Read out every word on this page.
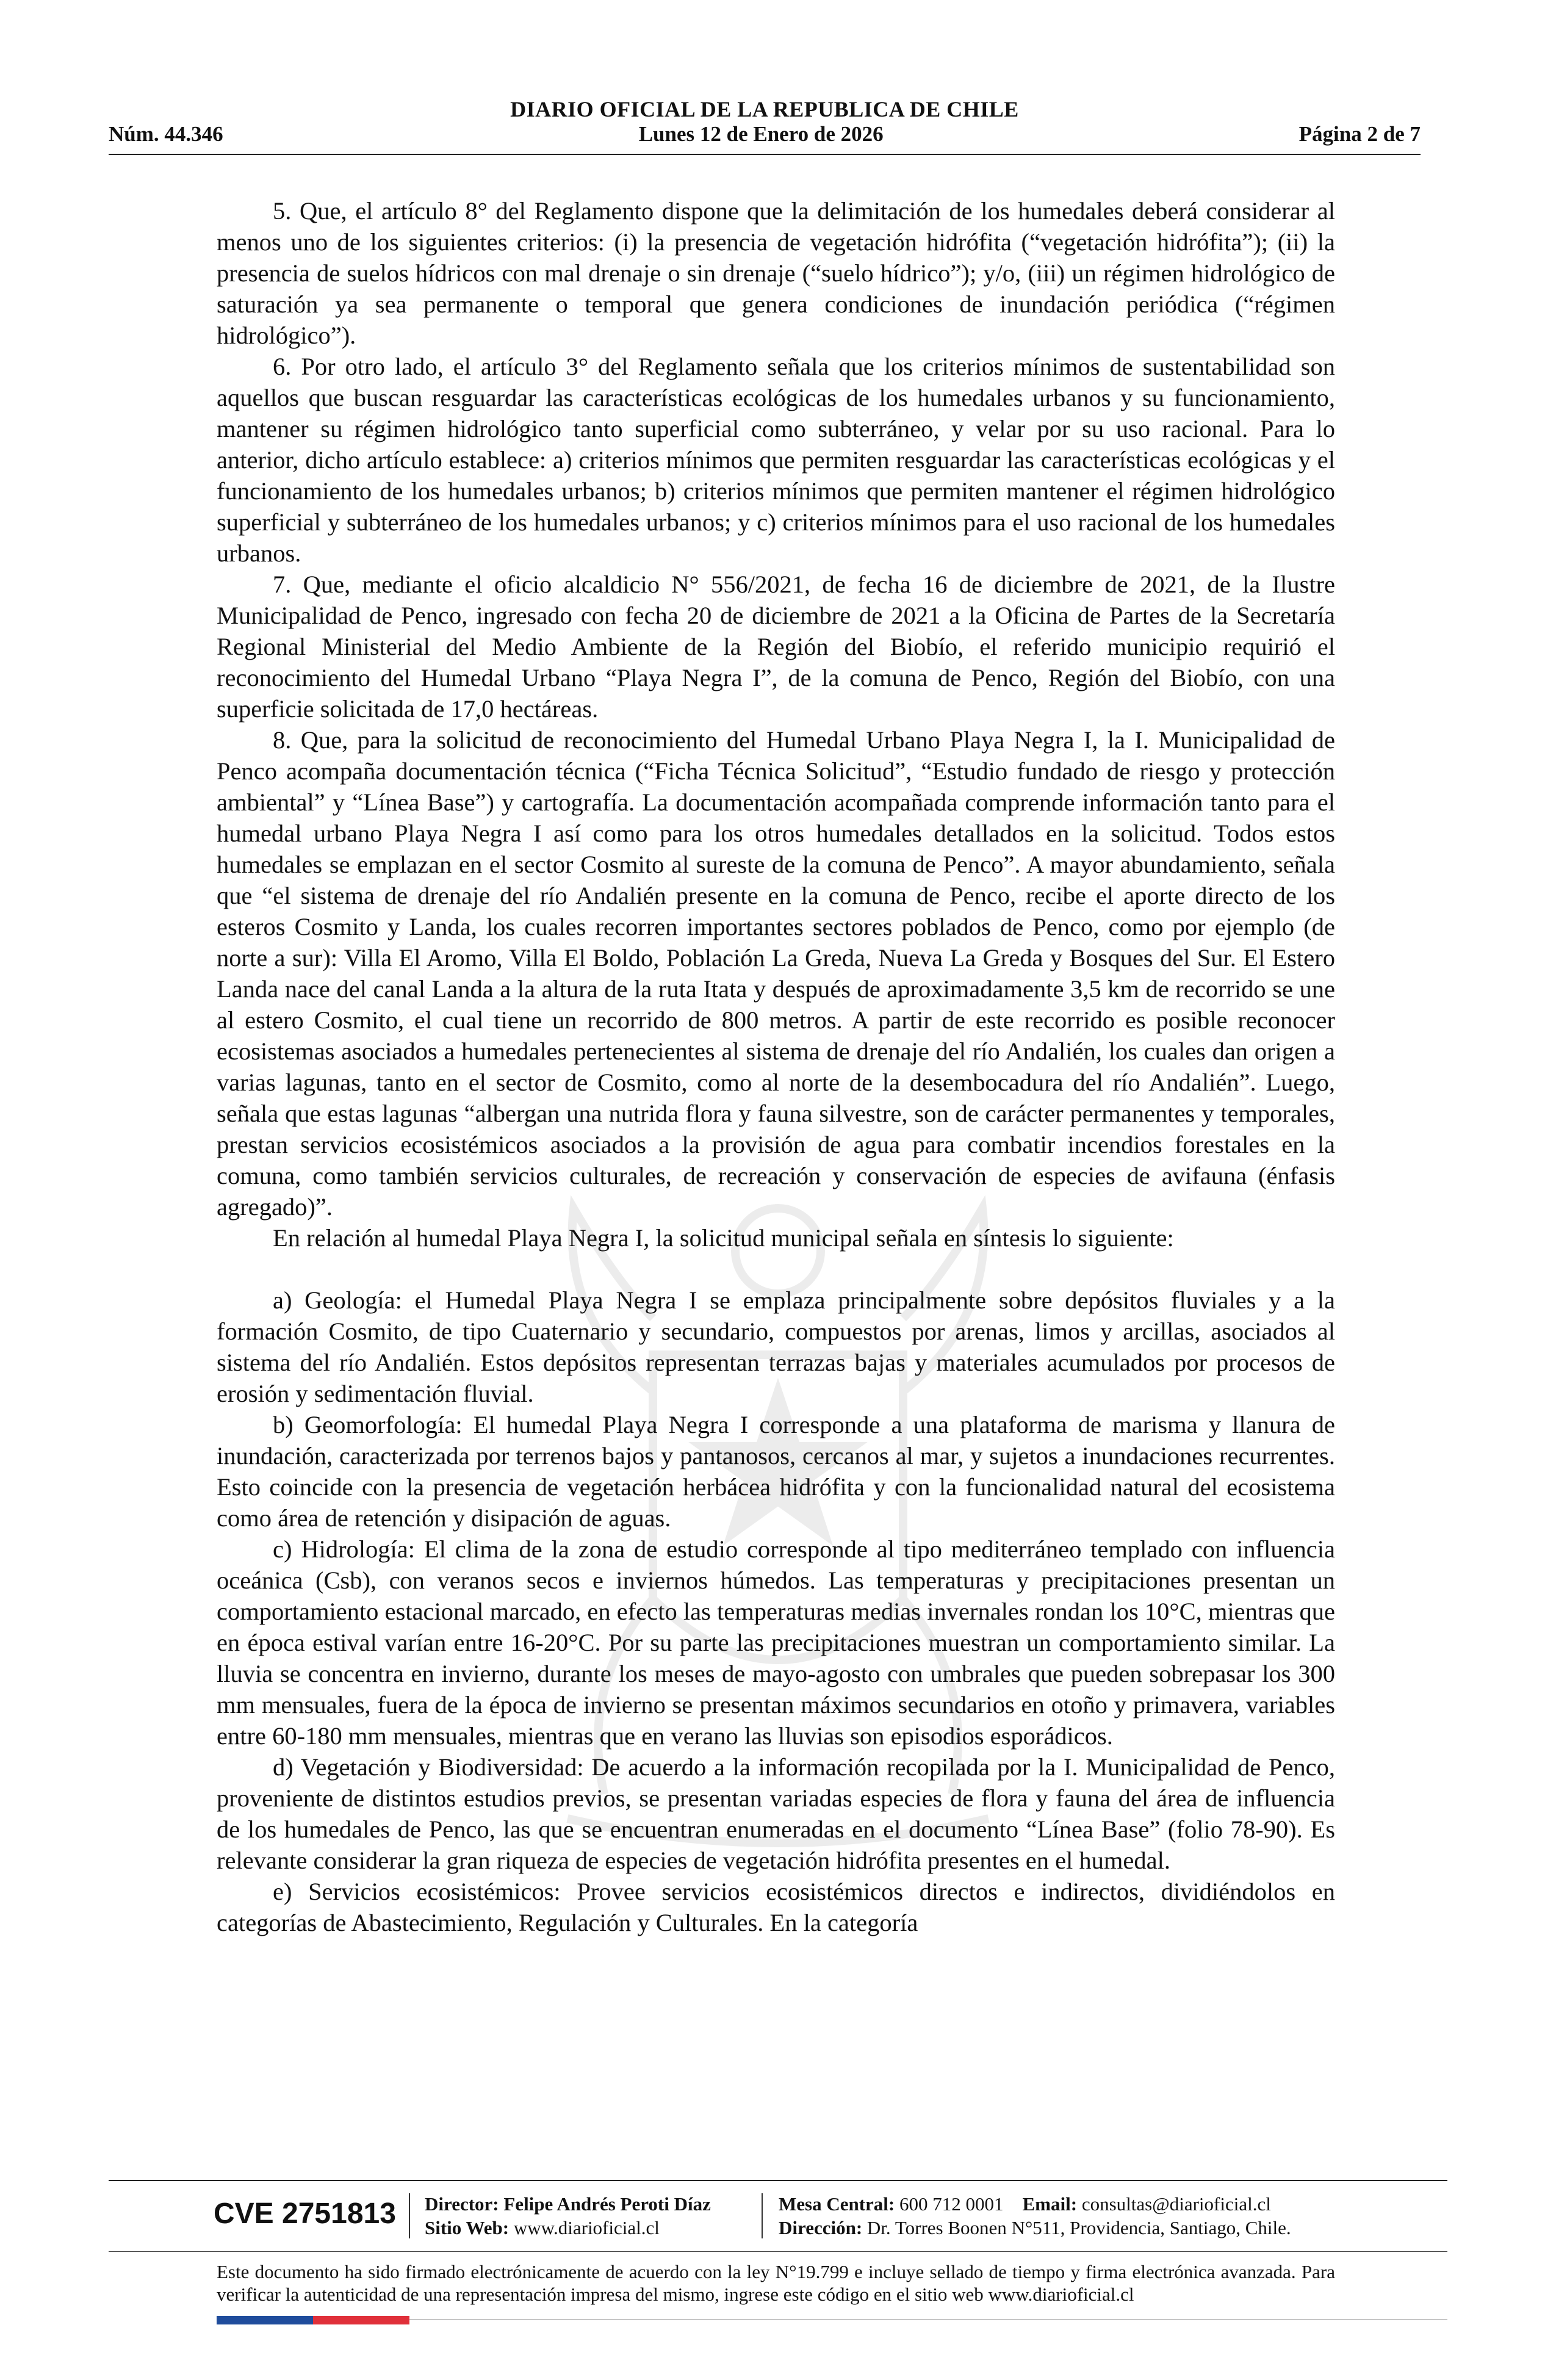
DIARIO OFICIAL DE LA REPUBLICA DE CHILE
Núm. 44.346	Lunes 12 de Enero de 2026	Página 2 de 7

5. Que, el artículo 8° del Reglamento dispone que la delimitación de los humedales deberá considerar al menos uno de los siguientes criterios: (i) la presencia de vegetación hidrófita (“vegetación hidrófita”); (ii) la presencia de suelos hídricos con mal drenaje o sin drenaje (“suelo hídrico”); y/o, (iii) un régimen hidrológico de saturación ya sea permanente o temporal que genera condiciones de inundación periódica (“régimen hidrológico”).

6. Por otro lado, el artículo 3° del Reglamento señala que los criterios mínimos de sustentabilidad son aquellos que buscan resguardar las características ecológicas de los humedales urbanos y su funcionamiento, mantener su régimen hidrológico tanto superficial como subterráneo, y velar por su uso racional. Para lo anterior, dicho artículo establece: a) criterios mínimos que permiten resguardar las características ecológicas y el funcionamiento de los humedales urbanos; b) criterios mínimos que permiten mantener el régimen hidrológico superficial y subterráneo de los humedales urbanos; y c) criterios mínimos para el uso racional de los humedales urbanos.

7. Que, mediante el oficio alcaldicio N° 556/2021, de fecha 16 de diciembre de 2021, de la Ilustre Municipalidad de Penco, ingresado con fecha 20 de diciembre de 2021 a la Oficina de Partes de la Secretaría Regional Ministerial del Medio Ambiente de la Región del Biobío, el referido municipio requirió el reconocimiento del Humedal Urbano “Playa Negra I”, de la comuna de Penco, Región del Biobío, con una superficie solicitada de 17,0 hectáreas.

8. Que, para la solicitud de reconocimiento del Humedal Urbano Playa Negra I, la I. Municipalidad de Penco acompaña documentación técnica (“Ficha Técnica Solicitud”, “Estudio fundado de riesgo y protección ambiental” y “Línea Base”) y cartografía. La documentación acompañada comprende información tanto para el humedal urbano Playa Negra I así como para los otros humedales detallados en la solicitud. Todos estos humedales se emplazan en el sector Cosmito al sureste de la comuna de Penco”. A mayor abundamiento, señala que “el sistema de drenaje del río Andalién presente en la comuna de Penco, recibe el aporte directo de los esteros Cosmito y Landa, los cuales recorren importantes sectores poblados de Penco, como por ejemplo (de norte a sur): Villa El Aromo, Villa El Boldo, Población La Greda, Nueva La Greda y Bosques del Sur. El Estero Landa nace del canal Landa a la altura de la ruta Itata y después de aproximadamente 3,5 km de recorrido se une al estero Cosmito, el cual tiene un recorrido de 800 metros. A partir de este recorrido es posible reconocer ecosistemas asociados a humedales pertenecientes al sistema de drenaje del río Andalién, los cuales dan origen a varias lagunas, tanto en el sector de Cosmito, como al norte de la desembocadura del río Andalién”. Luego, señala que estas lagunas “albergan una nutrida flora y fauna silvestre, son de carácter permanentes y temporales, prestan servicios ecosistémicos asociados a la provisión de agua para combatir incendios forestales en la comuna, como también servicios culturales, de recreación y conservación de especies de avifauna (énfasis agregado)”.

En relación al humedal Playa Negra I, la solicitud municipal señala en síntesis lo siguiente:

a) Geología: el Humedal Playa Negra I se emplaza principalmente sobre depósitos fluviales y a la formación Cosmito, de tipo Cuaternario y secundario, compuestos por arenas, limos y arcillas, asociados al sistema del río Andalién. Estos depósitos representan terrazas bajas y materiales acumulados por procesos de erosión y sedimentación fluvial.

b) Geomorfología: El humedal Playa Negra I corresponde a una plataforma de marisma y llanura de inundación, caracterizada por terrenos bajos y pantanosos, cercanos al mar, y sujetos a inundaciones recurrentes. Esto coincide con la presencia de vegetación herbácea hidrófita y con la funcionalidad natural del ecosistema como área de retención y disipación de aguas.

c) Hidrología: El clima de la zona de estudio corresponde al tipo mediterráneo templado con influencia oceánica (Csb), con veranos secos e inviernos húmedos. Las temperaturas y precipitaciones presentan un comportamiento estacional marcado, en efecto las temperaturas medias invernales rondan los 10°C, mientras que en época estival varían entre 16-20°C. Por su parte las precipitaciones muestran un comportamiento similar. La lluvia se concentra en invierno, durante los meses de mayo-agosto con umbrales que pueden sobrepasar los 300 mm mensuales, fuera de la época de invierno se presentan máximos secundarios en otoño y primavera, variables entre 60-180 mm mensuales, mientras que en verano las lluvias son episodios esporádicos.

d) Vegetación y Biodiversidad: De acuerdo a la información recopilada por la I. Municipalidad de Penco, proveniente de distintos estudios previos, se presentan variadas especies de flora y fauna del área de influencia de los humedales de Penco, las que se encuentran enumeradas en el documento “Línea Base” (folio 78-90). Es relevante considerar la gran riqueza de especies de vegetación hidrófita presentes en el humedal.

e) Servicios ecosistémicos: Provee servicios ecosistémicos directos e indirectos, dividiéndolos en categorías de Abastecimiento, Regulación y Culturales. En la categoría

CVE 2751813 Director: Felipe Andrés Peroti Díaz
Sitio Web: www.diarioficial.cl
Mesa Central: 600 712 0001 Email: consultas@diarioficial.cl
Dirección: Dr. Torres Boonen N°511, Providencia, Santiago, Chile.
Este documento ha sido firmado electrónicamente de acuerdo con la ley N°19.799 e incluye sellado de tiempo y firma electrónica avanzada. Para verificar la autenticidad de una representación impresa del mismo, ingrese este código en el sitio web www.diarioficial.cl
